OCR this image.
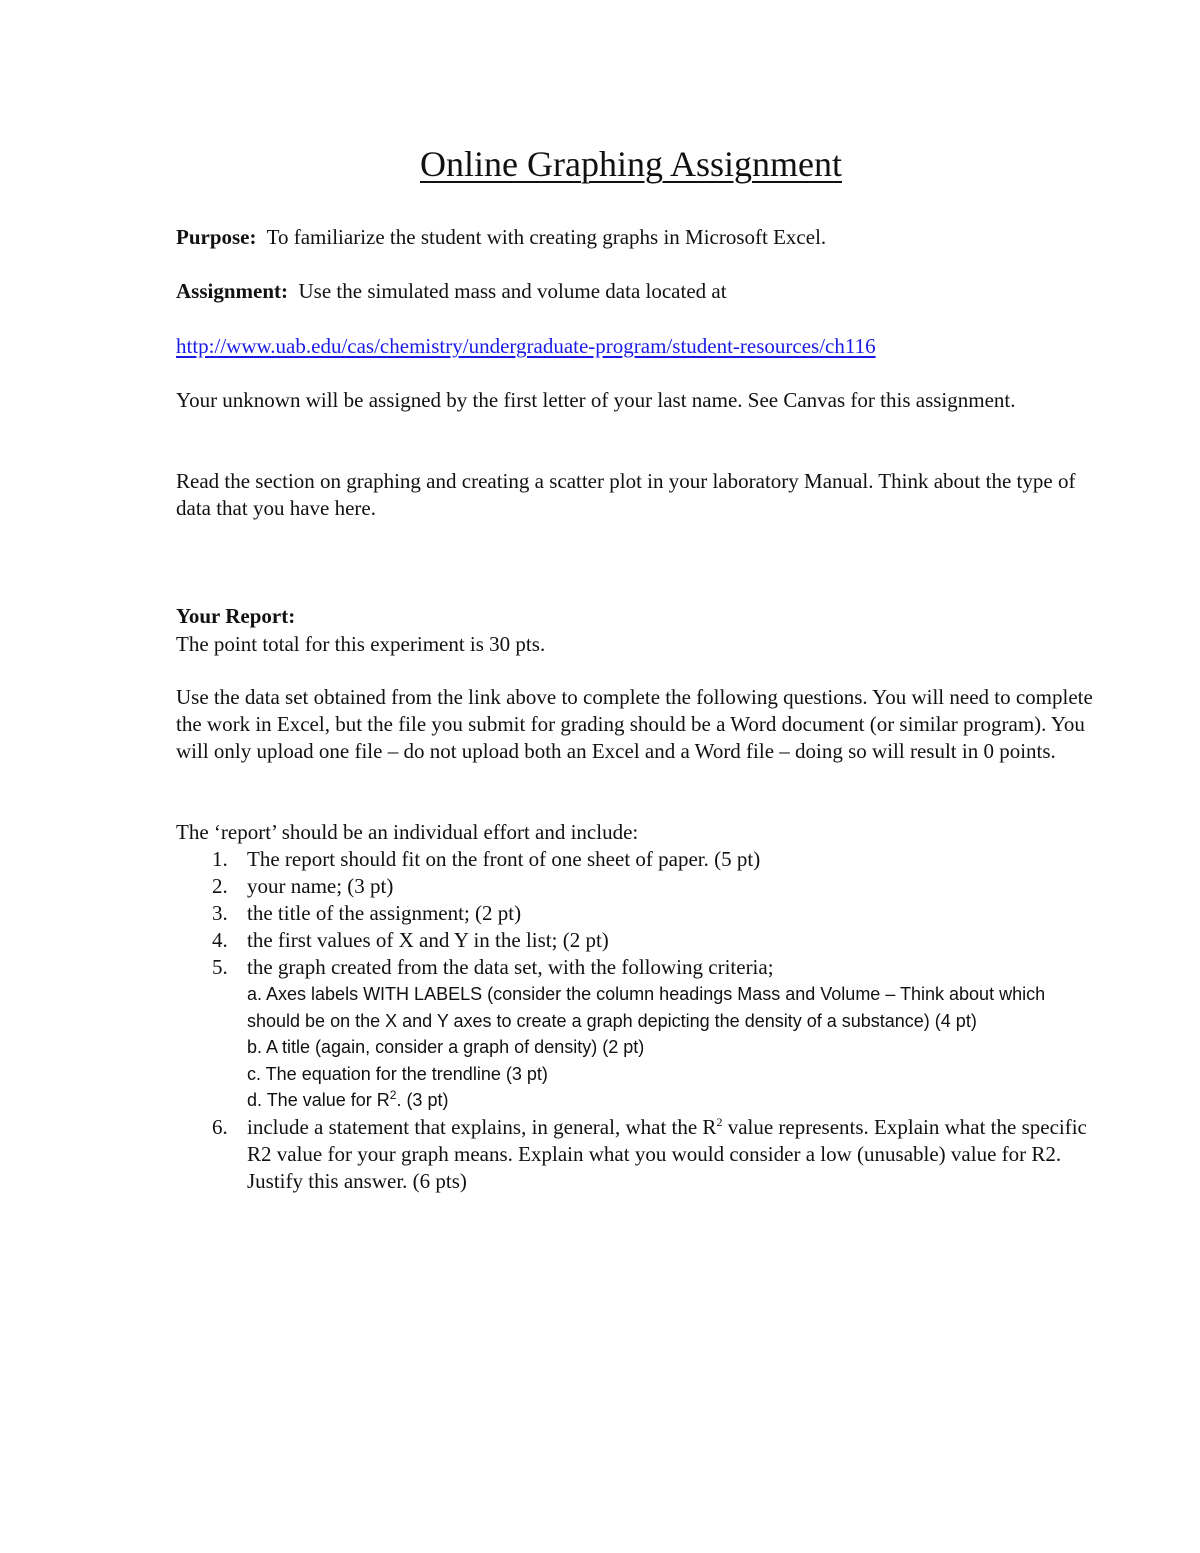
Online Graphing Assignment

Purpose: To familiarize the student with creating graphs in Microsoft Excel.

Assignment: Use the simulated mass and volume data located at

http://www.uab.edu/cas/chemistry/undergraduate-program/student-resources/ch116

Your unknown will be assigned by the first letter of your last name. See Canvas for this assignment.

Read the section on graphing and creating a scatter plot in your laboratory Manual. Think about the type of data that you have here.

Your Report:

The point total for this experiment is 30 pts.

Use the data set obtained from the link above to complete the following questions. You will need to complete the work in Excel, but the file you submit for grading should be a Word document (or similar program). You will only upload one file – do not upload both an Excel and a Word file – doing so will result in 0 points.

The ‘report’ should be an individual effort and include:

1. The report should fit on the front of one sheet of paper. (5 pt)
2. your name; (3 pt)
3. the title of the assignment; (2 pt)
4. the first values of X and Y in the list; (2 pt)
5. the graph created from the data set, with the following criteria;
a. Axes labels WITH LABELS (consider the column headings Mass and Volume – Think about which should be on the X and Y axes to create a graph depicting the density of a substance) (4 pt)
b. A title (again, consider a graph of density) (2 pt)
c. The equation for the trendline (3 pt)
d. The value for $R^2$. (3 pt)
6. include a statement that explains, in general, what the $R^2$ value represents. Explain what the specific R2 value for your graph means. Explain what you would consider a low (unusable) value for R2. Justify this answer. (6 pts)
